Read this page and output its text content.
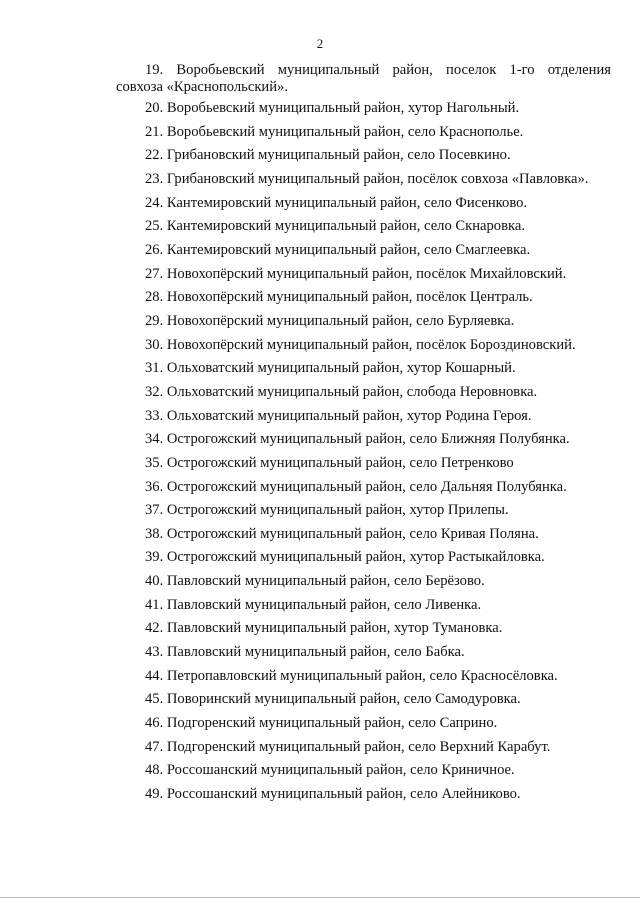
2
19. Воробьевский муниципальный район, поселок 1-го отделения
совхоза «Краснопольский».
20. Воробьевский муниципальный район, хутор Нагольный.
21. Воробьевский муниципальный район, село Краснополье.
22. Грибановский муниципальный район, село Посевкино.
23. Грибановский муниципальный район, посёлок совхоза «Павловка».
24. Кантемировский муниципальный район, село Фисенково.
25. Кантемировский муниципальный район, село Скнаровка.
26. Кантемировский муниципальный район, село Смаглеевка.
27. Новохопёрский муниципальный район, посёлок Михайловский.
28. Новохопёрский муниципальный район, посёлок Централь.
29. Новохопёрский муниципальный район, село Бурляевка.
30. Новохопёрский муниципальный район, посёлок Бороздиновский.
31. Ольховатский муниципальный район, хутор Кошарный.
32. Ольховатский муниципальный район, слобода Неровновка.
33. Ольховатский муниципальный район, хутор Родина Героя.
34. Острогожский муниципальный район, село Ближняя Полубянка.
35. Острогожский муниципальный район, село Петренково
36. Острогожский муниципальный район, село Дальняя Полубянка.
37. Острогожский муниципальный район, хутор Прилепы.
38. Острогожский муниципальный район, село Кривая Поляна.
39. Острогожский муниципальный район, хутор Растыкайловка.
40. Павловский муниципальный район, село Берёзово.
41. Павловский муниципальный район, село Ливенка.
42. Павловский муниципальный район, хутор Тумановка.
43. Павловский муниципальный район, село Бабка.
44. Петропавловский муниципальный район, село Красносёловка.
45. Поворинский муниципальный район, село Самодуровка.
46. Подгоренский муниципальный район, село Саприно.
47. Подгоренский муниципальный район, село Верхний Карабут.
48. Россошанский муниципальный район, село Криничное.
49. Россошанский муниципальный район, село Алейниково.
